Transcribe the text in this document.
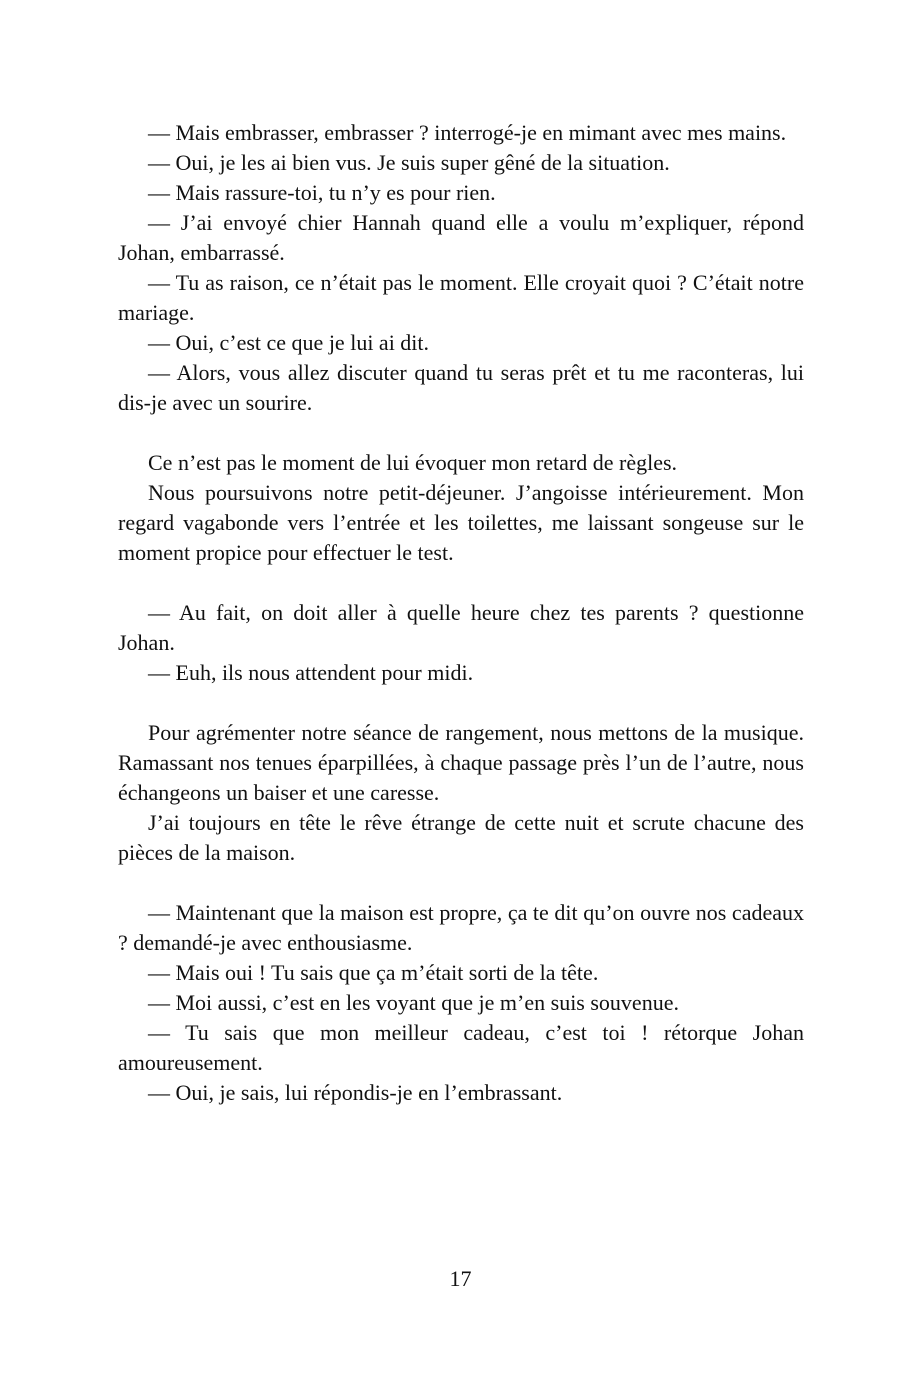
— Mais embrasser, embrasser ? interrogé-je en mimant avec mes mains.

— Oui, je les ai bien vus. Je suis super gêné de la situation.

— Mais rassure-toi, tu n’y es pour rien.

— J’ai envoyé chier Hannah quand elle a voulu m’expliquer, répond Johan, embarrassé.

— Tu as raison, ce n’était pas le moment. Elle croyait quoi ? C’était notre mariage.

— Oui, c’est ce que je lui ai dit.

— Alors, vous allez discuter quand tu seras prêt et tu me raconteras, lui dis-je avec un sourire.

Ce n’est pas le moment de lui évoquer mon retard de règles.

Nous poursuivons notre petit-déjeuner. J’angoisse intérieurement. Mon regard vagabonde vers l’entrée et les toilettes, me laissant songeuse sur le moment propice pour effectuer le test.

— Au fait, on doit aller à quelle heure chez tes parents ? questionne Johan.

— Euh, ils nous attendent pour midi.

Pour agrémenter notre séance de rangement, nous mettons de la musique. Ramassant nos tenues éparpillées, à chaque passage près l’un de l’autre, nous échangeons un baiser et une caresse.

J’ai toujours en tête le rêve étrange de cette nuit et scrute chacune des pièces de la maison.

— Maintenant que la maison est propre, ça te dit qu’on ouvre nos cadeaux ? demandé-je avec enthousiasme.

— Mais oui ! Tu sais que ça m’était sorti de la tête.

— Moi aussi, c’est en les voyant que je m’en suis souvenue.

— Tu sais que mon meilleur cadeau, c’est toi ! rétorque Johan amoureusement.

— Oui, je sais, lui répondis-je en l’embrassant.

17
